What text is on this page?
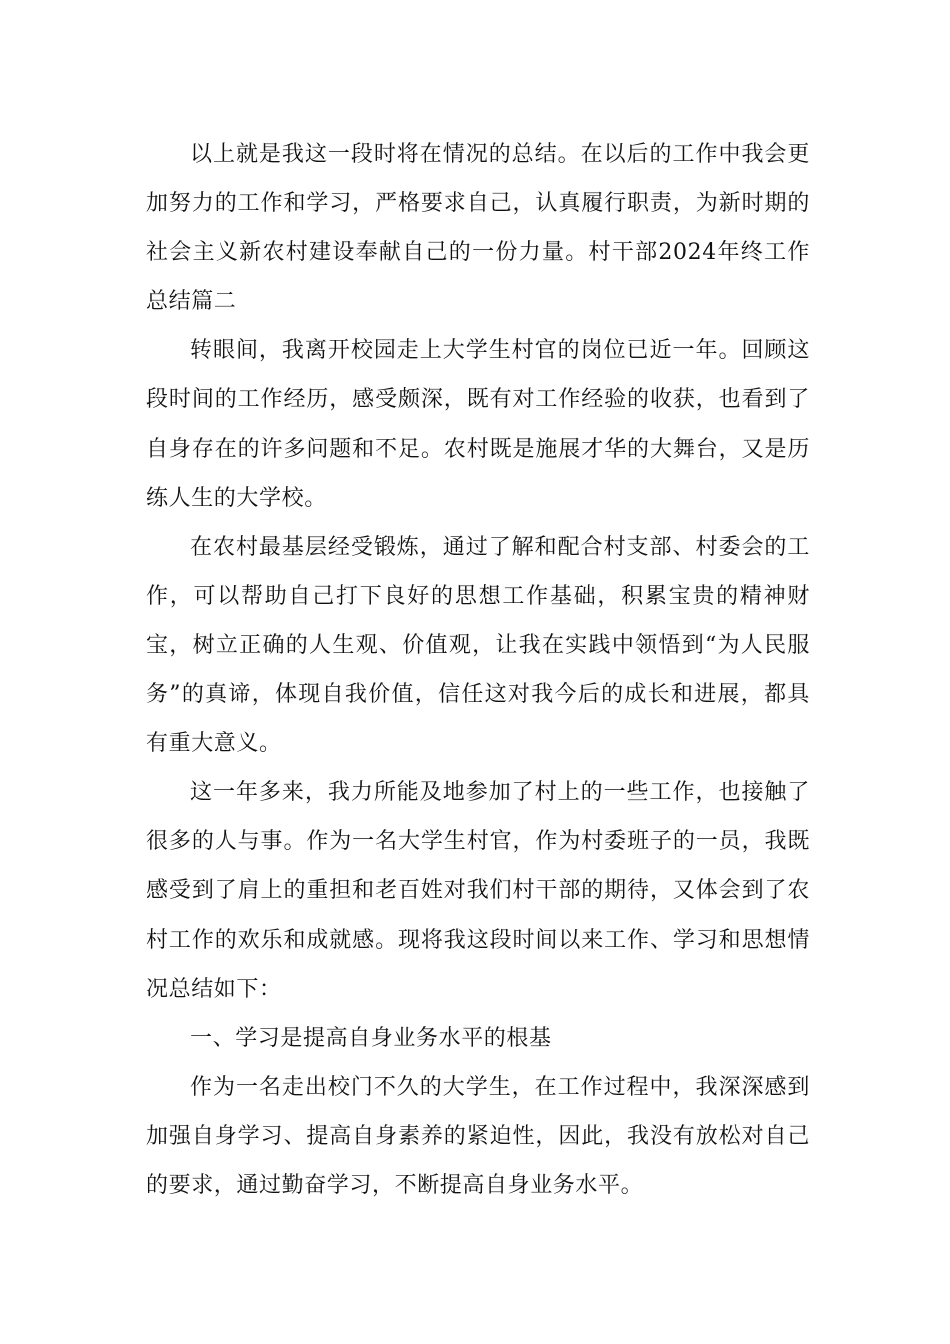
以上就是我这一段时将在情况的总结。在以后的工作中我会更加努力的工作和学习，严格要求自己，认真履行职责，为新时期的社会主义新农村建设奉献自己的一份力量。村干部2024年终工作总结篇二

转眼间，我离开校园走上大学生村官的岗位已近一年。回顾这段时间的工作经历，感受颇深，既有对工作经验的收获，也看到了自身存在的许多问题和不足。农村既是施展才华的大舞台，又是历练人生的大学校。

在农村最基层经受锻炼，通过了解和配合村支部、村委会的工作，可以帮助自己打下良好的思想工作基础，积累宝贵的精神财宝，树立正确的人生观、价值观，让我在实践中领悟到“为人民服务”的真谛，体现自我价值，信任这对我今后的成长和进展，都具有重大意义。

这一年多来，我力所能及地参加了村上的一些工作，也接触了很多的人与事。作为一名大学生村官，作为村委班子的一员，我既感受到了肩上的重担和老百姓对我们村干部的期待，又体会到了农村工作的欢乐和成就感。现将我这段时间以来工作、学习和思想情况总结如下：

一、学习是提高自身业务水平的根基

作为一名走出校门不久的大学生，在工作过程中，我深深感到加强自身学习、提高自身素养的紧迫性，因此，我没有放松对自己的要求，通过勤奋学习，不断提高自身业务水平。
